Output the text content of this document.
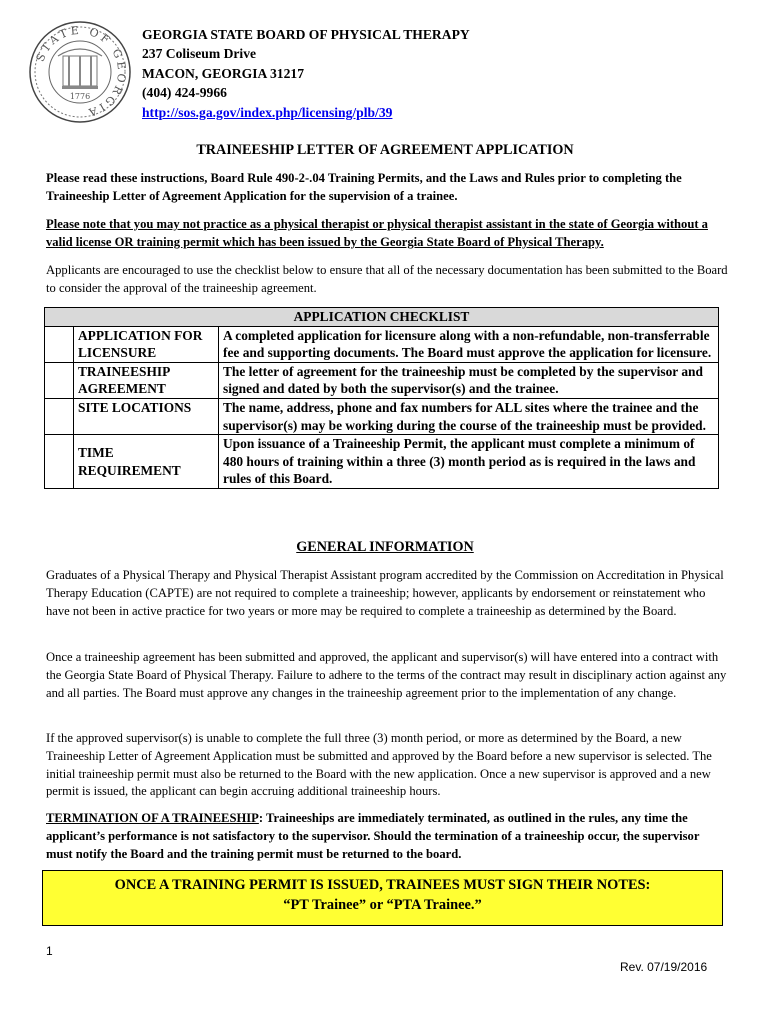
STATE OF GEORGIA
1776
GEORGIA STATE BOARD OF PHYSICAL THERAPY
237 Coliseum Drive
MACON, GEORGIA 31217
(404) 424-9966
http://sos.ga.gov/index.php/licensing/plb/39
TRAINEESHIP LETTER OF AGREEMENT APPLICATION
Please read these instructions, Board Rule 490-2-.04 Training Permits, and the Laws and Rules prior to completing the Traineeship Letter of Agreement Application for the supervision of a trainee.
Please note that you may not practice as a physical therapist or physical therapist assistant in the state of Georgia without a valid license OR training permit which has been issued by the Georgia State Board of Physical Therapy.
Applicants are encouraged to use the checklist below to ensure that all of the necessary documentation has been submitted to the Board to consider the approval of the traineeship agreement.
APPLICATION CHECKLIST		
	APPLICATION FOR LICENSURE	A completed application for licensure along with a non-refundable, non-transferrable fee and supporting documents. The Board must approve the application for licensure.
	TRAINEESHIP AGREEMENT	The letter of agreement for the traineeship must be completed by the supervisor and signed and dated by both the supervisor(s) and the trainee.
	SITE LOCATIONS	The name, address, phone and fax numbers for ALL sites where the trainee and the supervisor(s) may be working during the course of the traineeship must be provided.
	TIME REQUIREMENT	Upon issuance of a Traineeship Permit, the applicant must complete a minimum of 480 hours of training within a three (3) month period as is required in the laws and rules of this Board.
GENERAL INFORMATION
Graduates of a Physical Therapy and Physical Therapist Assistant program accredited by the Commission on Accreditation in Physical Therapy Education (CAPTE) are not required to complete a traineeship; however, applicants by endorsement or reinstatement who have not been in active practice for two years or more may be required to complete a traineeship as determined by the Board.
Once a traineeship agreement has been submitted and approved, the applicant and supervisor(s) will have entered into a contract with the Georgia State Board of Physical Therapy. Failure to adhere to the terms of the contract may result in disciplinary action against any and all parties. The Board must approve any changes in the traineeship agreement prior to the implementation of any change.
If the approved supervisor(s) is unable to complete the full three (3) month period, or more as determined by the Board, a new Traineeship Letter of Agreement Application must be submitted and approved by the Board before a new supervisor is selected. The initial traineeship permit must also be returned to the Board with the new application. Once a new supervisor is approved and a new permit is issued, the applicant can begin accruing additional traineeship hours.
TERMINATION OF A TRAINEESHIP: Traineeships are immediately terminated, as outlined in the rules, any time the applicant’s performance is not satisfactory to the supervisor. Should the termination of a traineeship occur, the supervisor must notify the Board and the training permit must be returned to the board.
ONCE A TRAINING PERMIT IS ISSUED, TRAINEES MUST SIGN THEIR NOTES:
“PT Trainee” or “PTA Trainee.”
1
Rev. 07/19/2016
